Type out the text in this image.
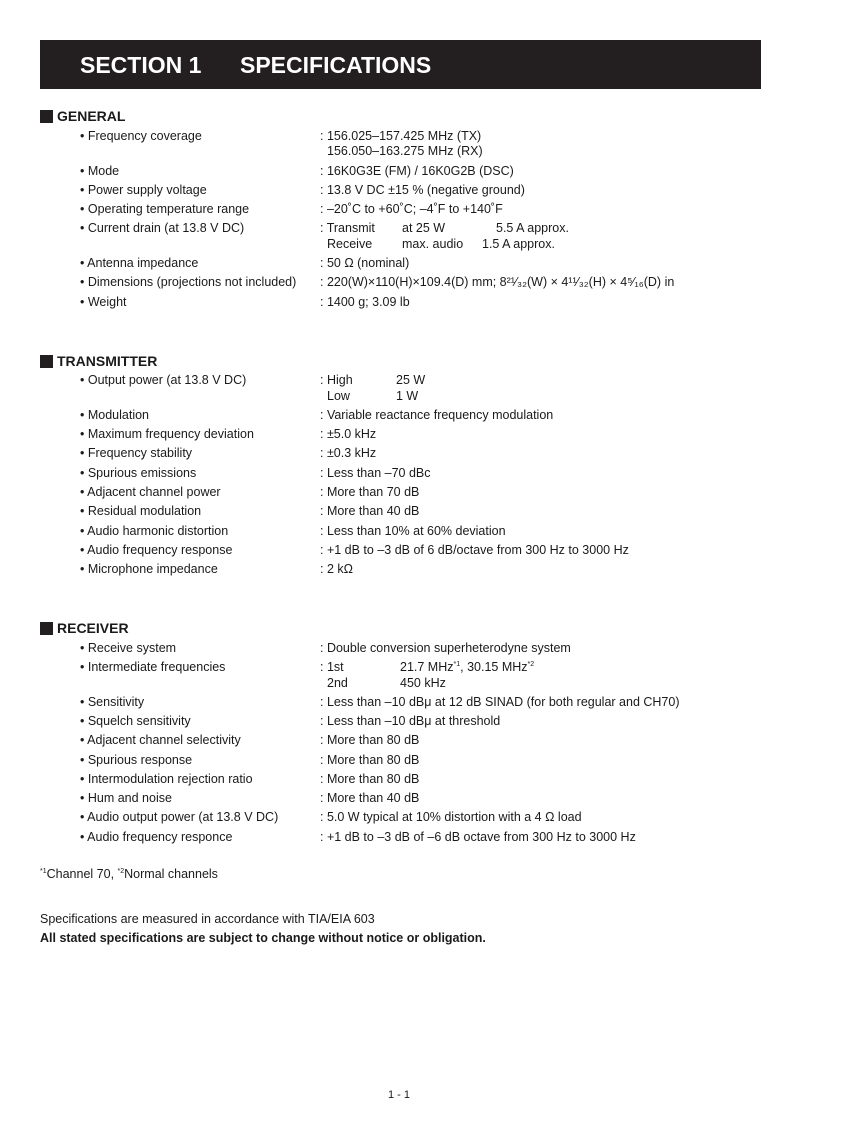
SECTION 1 SPECIFICATIONS
GENERAL
• Frequency coverage	: 156.025–157.425 MHz (TX)
156.050–163.275 MHz (RX)
• Mode	: 16K0G3E (FM) / 16K0G2B (DSC)
• Power supply voltage	: 13.8 V DC ±15 % (negative ground)
• Operating temperature range	: –20˚C to +60˚C; –4˚F to +140˚F
• Current drain (at 13.8 V DC)	: Transmit at 25 W	5.5 A approx.
Receive max. audio 1.5 A approx.
• Antenna impedance	: 50 Ω (nominal)
• Dimensions (projections not included) : 220(W)×110(H)×109.4(D) mm; 8²¹⁄₃₂(W) × 4¹¹⁄₃₂(H) × 4⁵⁄₁₆(D) in
• Weight	: 1400 g; 3.09 lb
TRANSMITTER
• Output power (at 13.8 V DC)	: High	25 W
Low	1 W
• Modulation	: Variable reactance frequency modulation
• Maximum frequency deviation	: ±5.0 kHz
• Frequency stability	: ±0.3 kHz
• Spurious emissions	: Less than –70 dBc
• Adjacent channel power	: More than 70 dB
• Residual modulation	: More than 40 dB
• Audio harmonic distortion	: Less than 10% at 60% deviation
• Audio frequency response	: +1 dB to –3 dB of 6 dB/octave from 300 Hz to 3000 Hz
• Microphone impedance	: 2 kΩ
RECEIVER
• Receive system	: Double conversion superheterodyne system
• Intermediate frequencies	: 1st	21.7 MHz$^{*1}$, 30.15 MHz$^{*2}$
2nd	450 kHz
• Sensitivity	: Less than –10 dBμ at 12 dB SINAD (for both regular and CH70)
• Squelch sensitivity	: Less than –10 dBμ at threshold
• Adjacent channel selectivity	: More than 80 dB
• Spurious response	: More than 80 dB
• Intermodulation rejection ratio	: More than 80 dB
• Hum and noise	: More than 40 dB
• Audio output power (at 13.8 V DC)	: 5.0 W typical at 10% distortion with a 4 Ω load
• Audio frequency responce	: +1 dB to –3 dB of –6 dB octave from 300 Hz to 3000 Hz
$^{*1}$Channel 70, $^{*2}$Normal channels
Specifications are measured in accordance with TIA/EIA 603
All stated specifications are subject to change without notice or obligation.
1 - 1
